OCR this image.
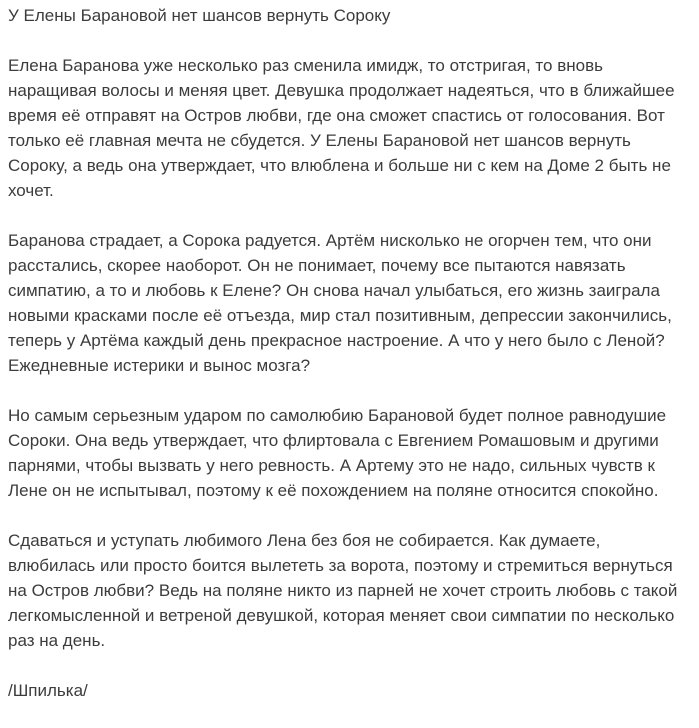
У Елены Барановой нет шансов вернуть Сороку

Елена Баранова уже несколько раз сменила имидж, то отстригая, то вновь наращивая волосы и меняя цвет. Девушка продолжает надеяться, что в ближайшее время её отправят на Остров любви, где она сможет спастись от голосования. Вот только её главная мечта не сбудется. У Елены Барановой нет шансов вернуть Сороку, а ведь она утверждает, что влюблена и больше ни с кем на Доме 2 быть не хочет.

Баранова страдает, а Сорока радуется. Артём нисколько не огорчен тем, что они расстались, скорее наоборот. Он не понимает, почему все пытаются навязать симпатию, а то и любовь к Елене? Он снова начал улыбаться, его жизнь заиграла новыми красками после её отъезда, мир стал позитивным, депрессии закончились, теперь у Артёма каждый день прекрасное настроение. А что у него было с Леной? Ежедневные истерики и вынос мозга?

Но самым серьезным ударом по самолюбию Барановой будет полное равнодушие Сороки. Она ведь утверждает, что флиртовала с Евгением Ромашовым и другими парнями, чтобы вызвать у него ревность. А Артему это не надо, сильных чувств к Лене он не испытывал, поэтому к её похождением на поляне относится спокойно.

Сдаваться и уступать любимого Лена без боя не собирается. Как думаете, влюбилась или просто боится вылететь за ворота, поэтому и стремиться вернуться на Остров любви? Ведь на поляне никто из парней не хочет строить любовь с такой легкомысленной и ветреной девушкой, которая меняет свои симпатии по несколько раз на день.

/Шпилька/
